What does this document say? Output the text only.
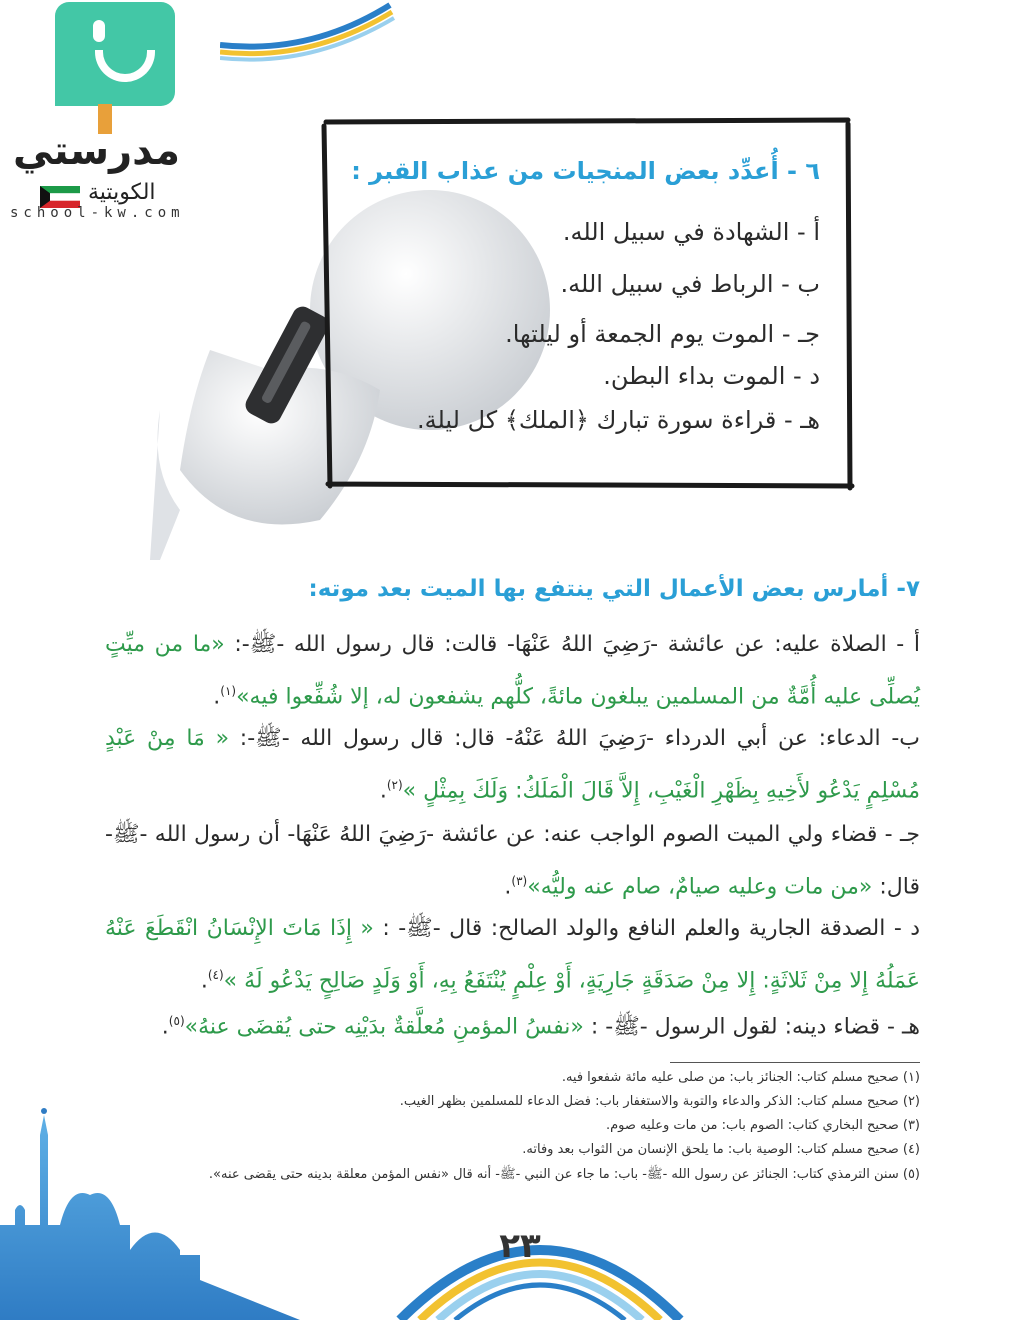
مدرستي
الكويتية
school-kw.com
٦ - أُعدِّد بعض المنجيات من عذاب القبر :
أ - الشهادة في سبيل الله.
ب - الرباط في سبيل الله.
جـ - الموت يوم الجمعة أو ليلتها.
د - الموت بداء البطن.
هـ - قراءة سورة تبارك ﴿الملك﴾ كل ليلة.
٧- أمارس بعض الأعمال التي ينتفع بها الميت بعد موته:
أ - الصلاة عليه: عن عائشة -رَضِيَ اللهُ عَنْهَا- قالت: قال رسول الله -ﷺ-: «ما من ميِّتٍ يُصلِّى عليه أُمَّةٌ من المسلمين يبلغون مائةً، كلُّهم يشفعون له، إلا شُفِّعوا فيه»$^{(١)}$.
ب- الدعاء: عن أبي الدرداء -رَضِيَ اللهُ عَنْهُ- قال: قال رسول الله -ﷺ-: « مَا مِنْ عَبْدٍ مُسْلِمٍ يَدْعُو لأَخِيهِ بِظَهْرِ الْغَيْبِ، إِلاَّ قَالَ الْمَلَكُ: وَلَكَ بِمِثْلٍ »$^{(٢)}$.
جـ - قضاء ولي الميت الصوم الواجب عنه: عن عائشة -رَضِيَ اللهُ عَنْهَا- أن رسول الله -ﷺ- قال: «من مات وعليه صيامٌ، صام عنه وليُّه»$^{(٣)}$.
د - الصدقة الجارية والعلم النافع والولد الصالح: قال -ﷺ- : « إِذَا مَاتَ الإِنْسَانُ انْقَطَعَ عَنْهُ عَمَلُهُ إِلا مِنْ ثَلاثَةٍ: إِلا مِنْ صَدَقَةٍ جَارِيَةٍ، أَوْ عِلْمٍ يُنْتَفَعُ بِهِ، أَوْ وَلَدٍ صَالِحٍ يَدْعُو لَهُ »$^{(٤)}$.
هـ - قضاء دينه: لقول الرسول -ﷺ- : «نفسُ المؤمنِ مُعلَّقةٌ بدَيْنِه حتى يُقضَى عنهُ»$^{(٥)}$.
(١) صحيح مسلم كتاب: الجنائز باب: من صلى عليه مائة شفعوا فيه.
(٢) صحيح مسلم كتاب: الذكر والدعاء والتوبة والاستغفار باب: فضل الدعاء للمسلمين بظهر الغيب.
(٣) صحيح البخاري كتاب: الصوم باب: من مات وعليه صوم.
(٤) صحيح مسلم كتاب: الوصية باب: ما يلحق الإنسان من الثواب بعد وفاته.
(٥) سنن الترمذي كتاب: الجنائز عن رسول الله -ﷺ- باب: ما جاء عن النبي -ﷺ- أنه قال «نفس المؤمن معلقة بدينه حتى يقضى عنه».
٢٣
